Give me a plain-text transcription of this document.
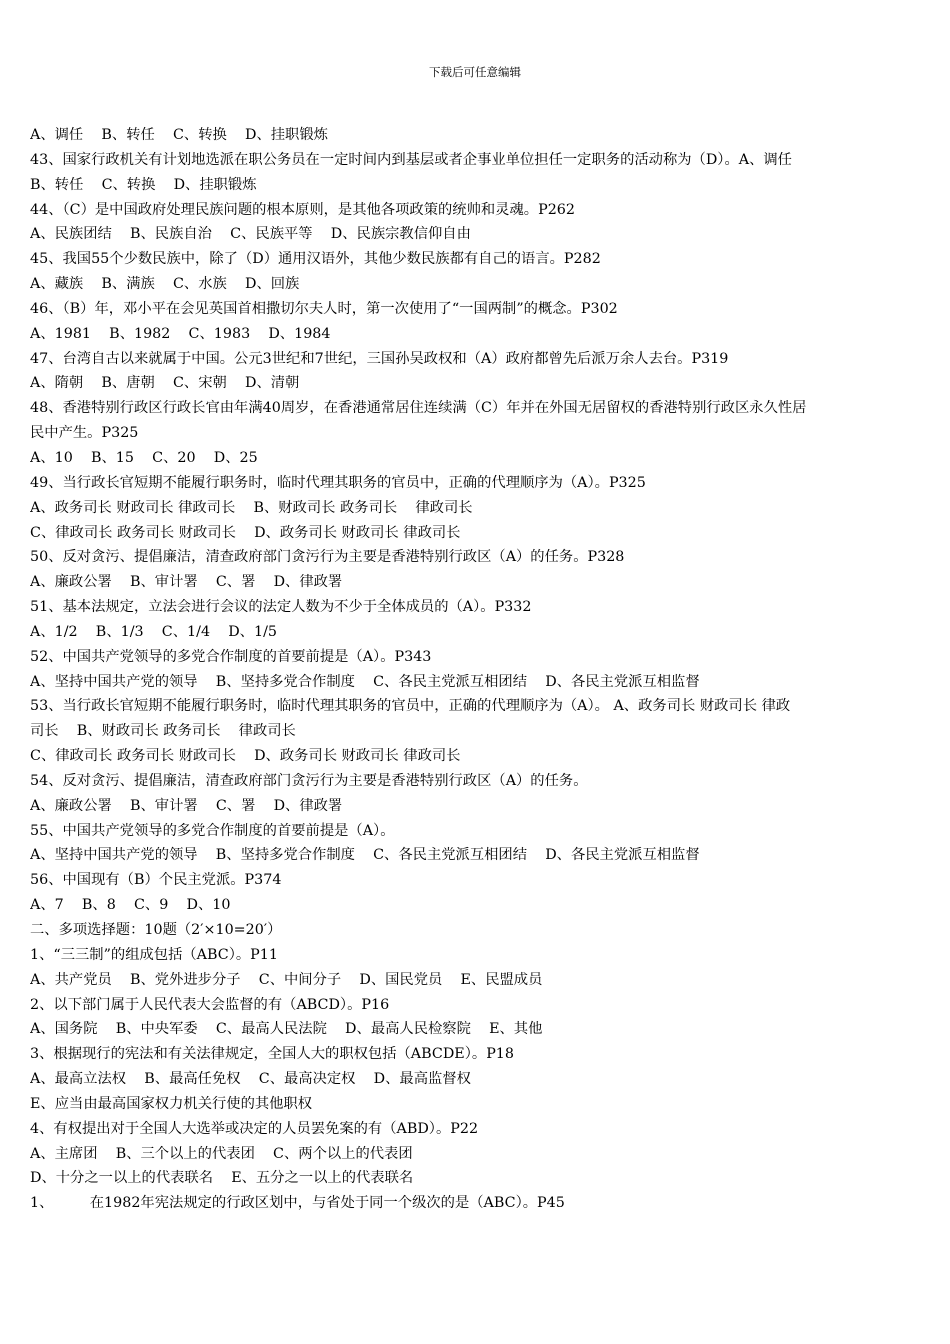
下载后可任意编辑
A、调任    B、转任    C、转换    D、挂职锻炼
43、国家行政机关有计划地选派在职公务员在一定时间内到基层或者企事业单位担任一定职务的活动称为（D）。A、调任
B、转任    C、转换    D、挂职锻炼
44、（C）是中国政府处理民族问题的根本原则，是其他各项政策的统帅和灵魂。P262
A、民族团结    B、民族自治    C、民族平等    D、民族宗教信仰自由
45、我国55个少数民族中，除了（D）通用汉语外，其他少数民族都有自己的语言。P282
A、藏族    B、满族    C、水族    D、回族
46、（B）年，邓小平在会见英国首相撒切尔夫人时，第一次使用了“一国两制”的概念。P302
A、1981    B、1982    C、1983    D、1984
47、台湾自古以来就属于中国。公元3世纪和7世纪，三国孙吴政权和（A）政府都曾先后派万余人去台。P319
A、隋朝    B、唐朝    C、宋朝    D、清朝
48、香港特别行政区行政长官由年满40周岁，在香港通常居住连续满（C）年并在外国无居留权的香港特别行政区永久性居
民中产生。P325
A、10    B、15    C、20    D、25
49、当行政长官短期不能履行职务时，临时代理其职务的官员中，正确的代理顺序为（A）。P325
A、政务司长 财政司长 律政司长    B、财政司长 政务司长    律政司长
C、律政司长 政务司长 财政司长    D、政务司长 财政司长 律政司长
50、反对贪污、提倡廉洁，清查政府部门贪污行为主要是香港特别行政区（A）的任务。P328
A、廉政公署    B、审计署    C、署    D、律政署
51、基本法规定，立法会进行会议的法定人数为不少于全体成员的（A）。P332
A、1/2    B、1/3    C、1/4    D、1/5
52、中国共产党领导的多党合作制度的首要前提是（A）。P343
A、坚持中国共产党的领导    B、坚持多党合作制度    C、各民主党派互相团结    D、各民主党派互相监督
53、当行政长官短期不能履行职务时，临时代理其职务的官员中，正确的代理顺序为（A）。 A、政务司长 财政司长 律政
司长    B、财政司长 政务司长    律政司长
C、律政司长 政务司长 财政司长    D、政务司长 财政司长 律政司长
54、反对贪污、提倡廉洁，清查政府部门贪污行为主要是香港特别行政区（A）的任务。
A、廉政公署    B、审计署    C、署    D、律政署
55、中国共产党领导的多党合作制度的首要前提是（A）。
A、坚持中国共产党的领导    B、坚持多党合作制度    C、各民主党派互相团结    D、各民主党派互相监督
56、中国现有（B）个民主党派。P374
A、7    B、8    C、9    D、10
二、多项选择题：10题（2′×10=20′）
1、“三三制”的组成包括（ABC）。P11
A、共产党员    B、党外进步分子    C、中间分子    D、国民党员    E、民盟成员
2、以下部门属于人民代表大会监督的有（ABCD）。P16
A、国务院    B、中央军委    C、最高人民法院    D、最高人民检察院    E、其他
3、根据现行的宪法和有关法律规定，全国人大的职权包括（ABCDE）。P18
A、最高立法权    B、最高任免权    C、最高决定权    D、最高监督权
E、应当由最高国家权力机关行使的其他职权
4、有权提出对于全国人大选举或决定的人员罢免案的有（ABD）。P22
A、主席团    B、三个以上的代表团    C、两个以上的代表团
D、十分之一以上的代表联名    E、五分之一以上的代表联名
1、        在1982年宪法规定的行政区划中，与省处于同一个级次的是（ABC）。P45
